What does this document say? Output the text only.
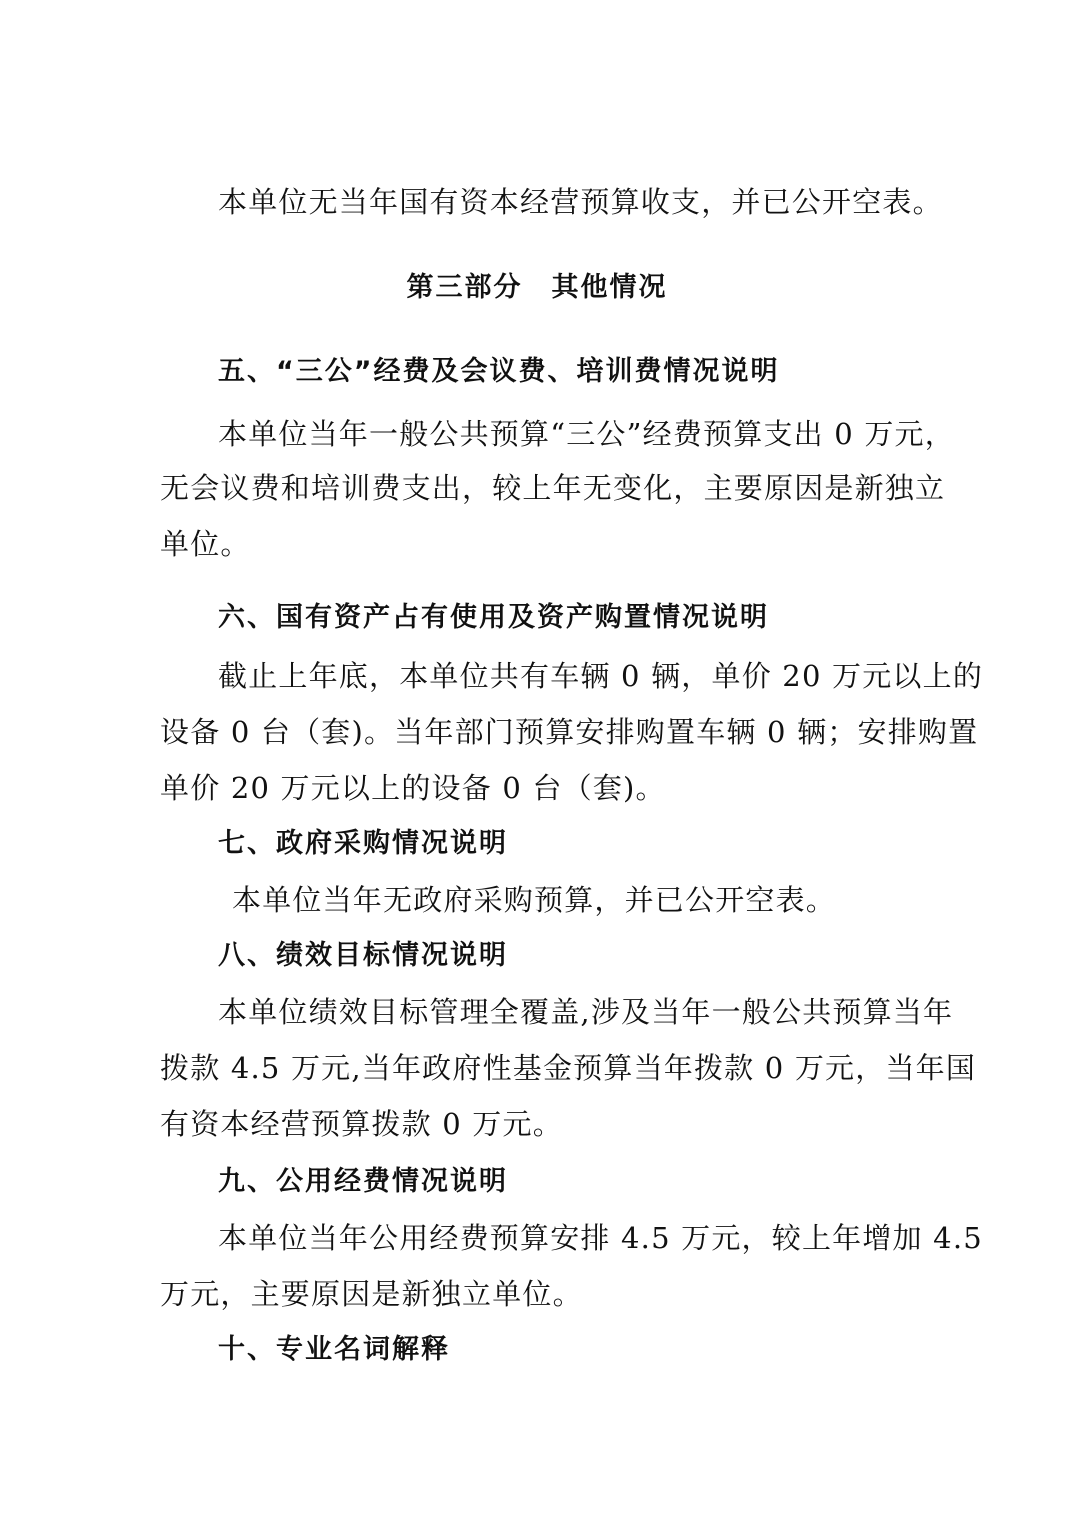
本单位无当年国有资本经营预算收支，并已公开空表。
第三部分　其他情况
五、“三公”经费及会议费、培训费情况说明
本单位当年一般公共预算“三公”经费预算支出 0 万元，
无会议费和培训费支出，较上年无变化，主要原因是新独立
单位。
六、国有资产占有使用及资产购置情况说明
截止上年底，本单位共有车辆 0 辆，单价 20 万元以上的
设备 0 台（套)。当年部门预算安排购置车辆 0 辆；安排购置
单价 20 万元以上的设备 0 台（套)。
七、政府采购情况说明
本单位当年无政府采购预算，并已公开空表。
八、绩效目标情况说明
本单位绩效目标管理全覆盖,涉及当年一般公共预算当年
拨款 4.5 万元,当年政府性基金预算当年拨款 0 万元，当年国
有资本经营预算拨款 0 万元。
九、公用经费情况说明
本单位当年公用经费预算安排 4.5 万元，较上年增加 4.5
万元，主要原因是新独立单位。
十、专业名词解释
